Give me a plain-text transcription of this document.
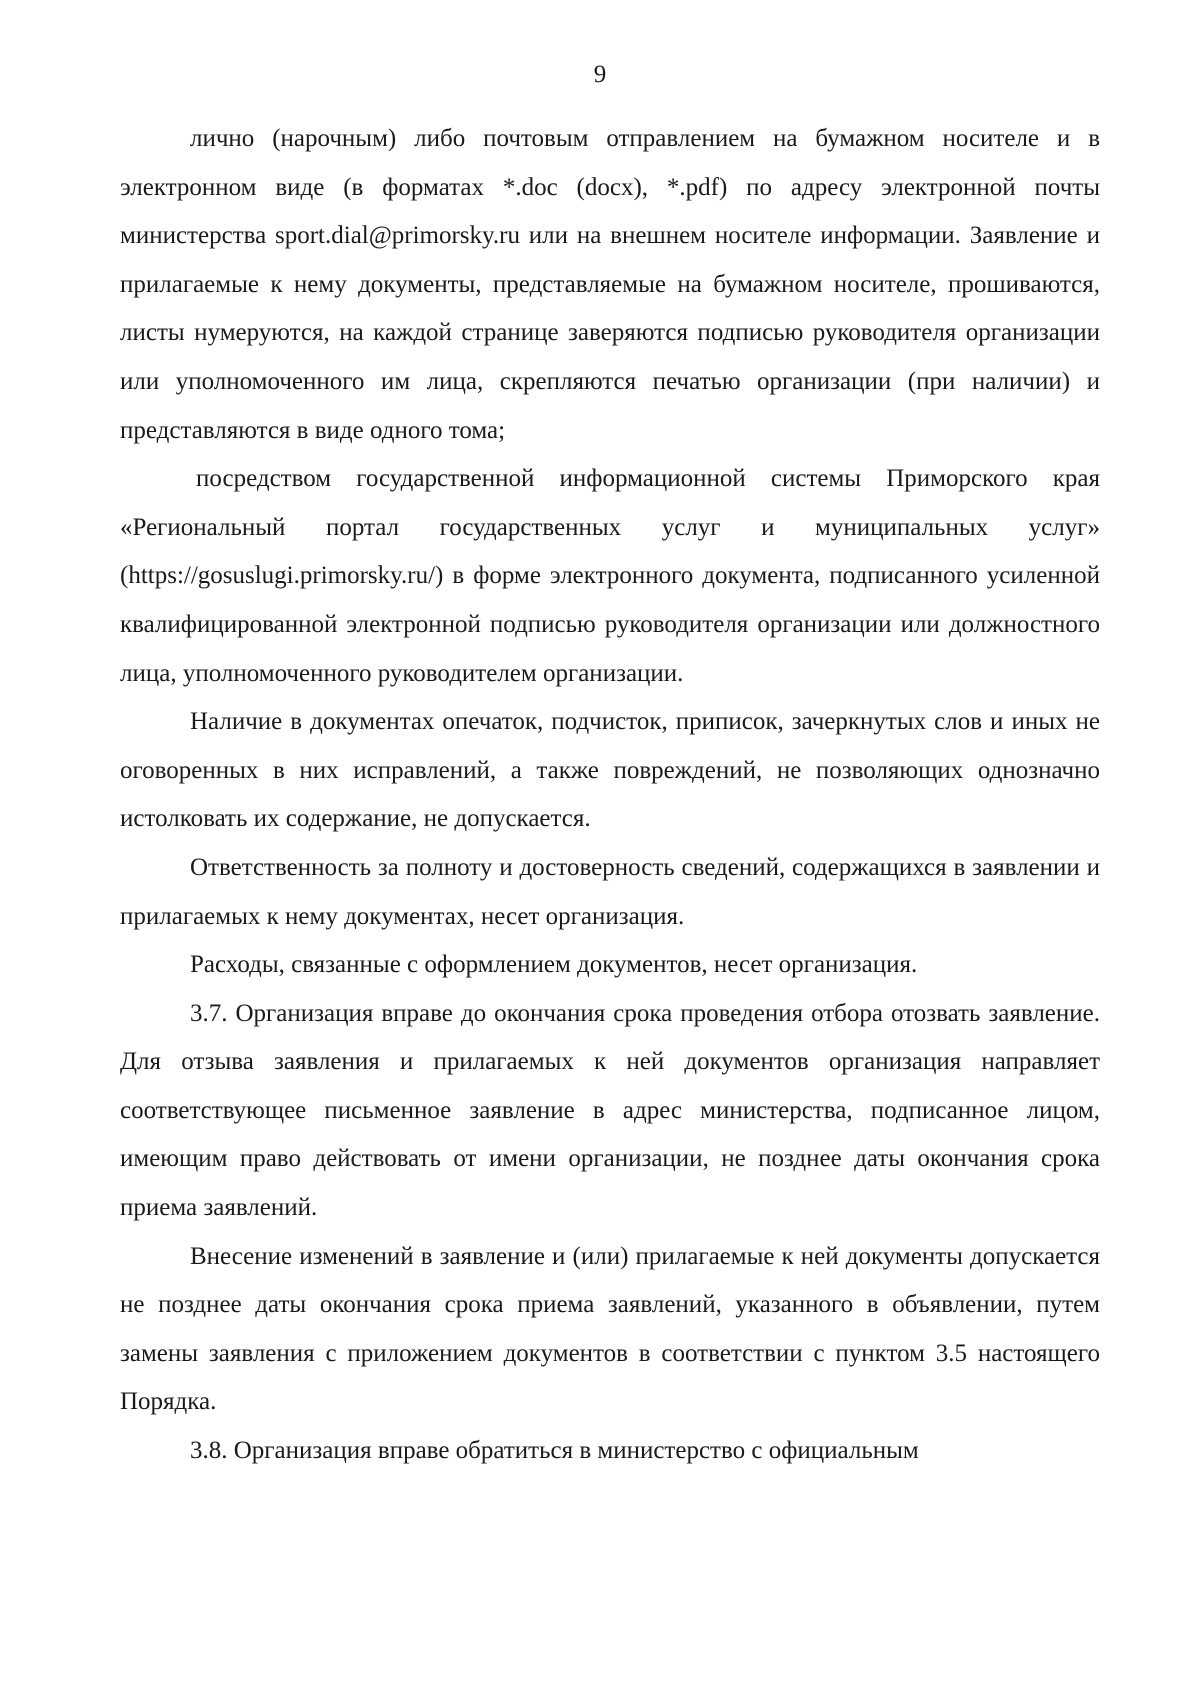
9

лично (нарочным) либо почтовым отправлением на бумажном носителе и в электронном виде (в форматах *.doc (docx), *.pdf) по адресу электронной почты министерства sport.dial@primorsky.ru или на внешнем носителе информации. Заявление и прилагаемые к нему документы, представляемые на бумажном носителе, прошиваются, листы нумеруются, на каждой странице заверяются подписью руководителя организации или уполномоченного им лица, скрепляются печатью организации (при наличии) и представляются в виде одного тома;

посредством государственной информационной системы Приморского края «Региональный портал государственных услуг и муниципальных услуг» (https://gosuslugi.primorsky.ru/) в форме электронного документа, подписанного усиленной квалифицированной электронной подписью руководителя организации или должностного лица, уполномоченного руководителем организации.

Наличие в документах опечаток, подчисток, приписок, зачеркнутых слов и иных не оговоренных в них исправлений, а также повреждений, не позволяющих однозначно истолковать их содержание, не допускается.

Ответственность за полноту и достоверность сведений, содержащихся в заявлении и прилагаемых к нему документах, несет организация.

Расходы, связанные с оформлением документов, несет организация.

3.7. Организация вправе до окончания срока проведения отбора отозвать заявление. Для отзыва заявления и прилагаемых к ней документов организация направляет соответствующее письменное заявление в адрес министерства, подписанное лицом, имеющим право действовать от имени организации, не позднее даты окончания срока приема заявлений.

Внесение изменений в заявление и (или) прилагаемые к ней документы допускается не позднее даты окончания срока приема заявлений, указанного в объявлении, путем замены заявления с приложением документов в соответствии с пунктом 3.5 настоящего Порядка.

3.8. Организация вправе обратиться в министерство с официальным
